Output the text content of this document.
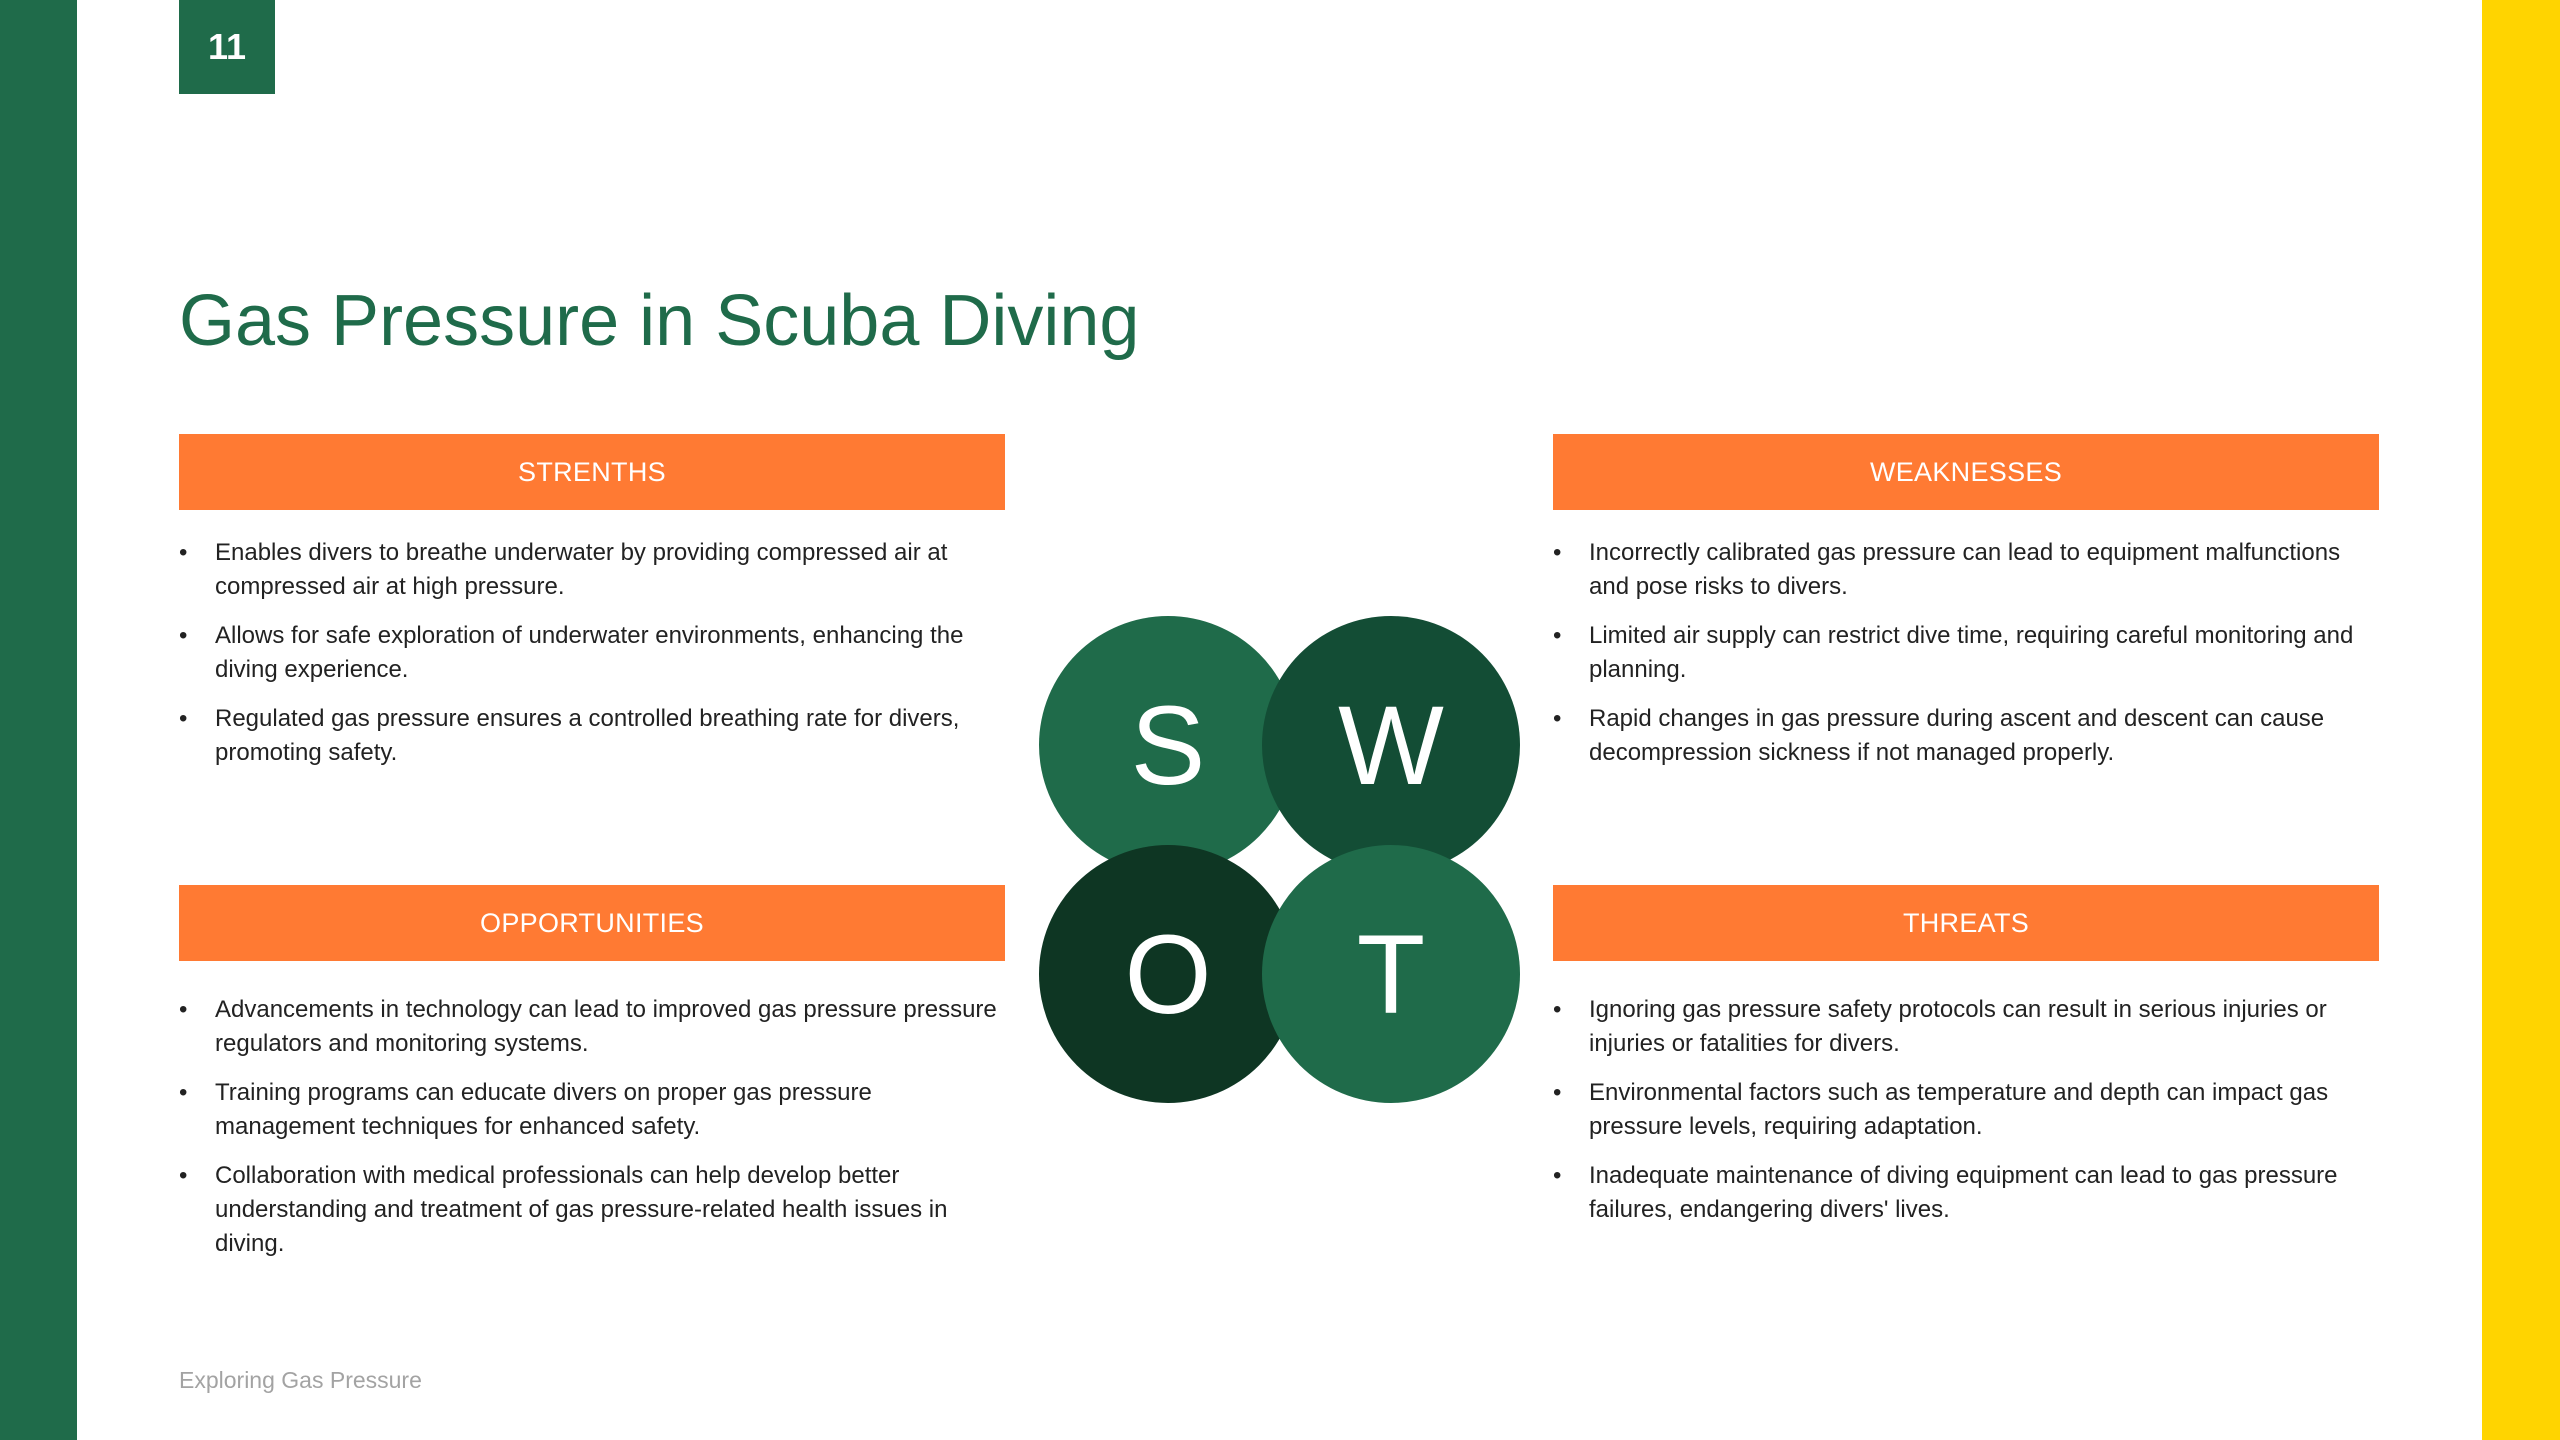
11
Gas Pressure in Scuba Diving
STRENTHS
• Enables divers to breathe underwater by providing compressed air at compressed air at high pressure.
• Allows for safe exploration of underwater environments, enhancing the diving experience.
• Regulated gas pressure ensures a controlled breathing rate for divers, promoting safety.
WEAKNESSES
• Incorrectly calibrated gas pressure can lead to equipment malfunctions and pose risks to divers.
• Limited air supply can restrict dive time, requiring careful monitoring and planning.
• Rapid changes in gas pressure during ascent and descent can cause decompression sickness if not managed properly.
OPPORTUNITIES
• Advancements in technology can lead to improved gas pressure pressure regulators and monitoring systems.
• Training programs can educate divers on proper gas pressure management techniques for enhanced safety.
• Collaboration with medical professionals can help develop better understanding and treatment of gas pressure-related health issues in diving.
THREATS
• Ignoring gas pressure safety protocols can result in serious injuries or injuries or fatalities for divers.
• Environmental factors such as temperature and depth can impact gas pressure levels, requiring adaptation.
• Inadequate maintenance of diving equipment can lead to gas pressure failures, endangering divers' lives.
S	W
O	T
Exploring Gas Pressure
